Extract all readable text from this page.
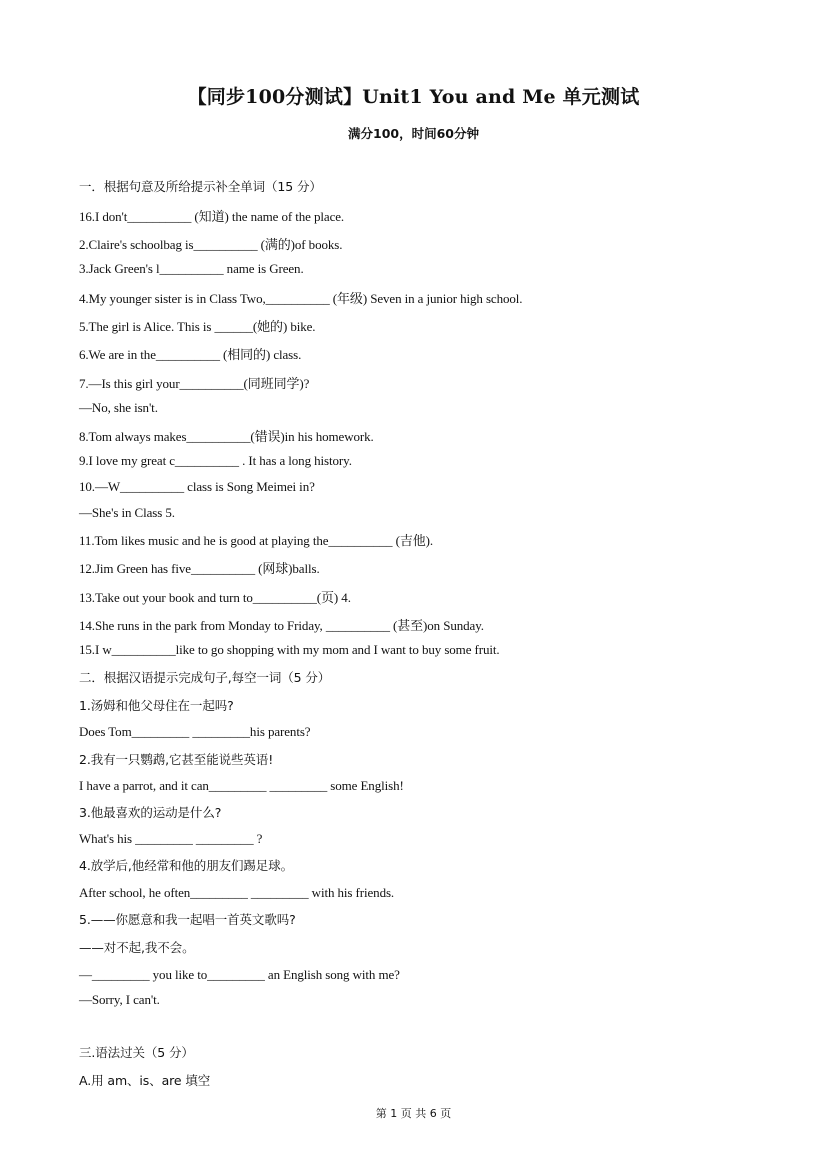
【同步100分测试】Unit1 You and Me 单元测试
满分100，时间60分钟
一．根据句意及所给提示补全单词（15 分）
16.I don't__________ (知道) the name of the place.
2.Claire's schoolbag is__________ (满的)of books.
3.Jack Green's l__________ name is Green.
4.My younger sister is in Class Two,__________ (年级) Seven in a junior high school.
5.The girl is Alice. This is ______(她的) bike.
6.We are in the__________ (相同的) class.
7.—Is this girl your__________(同班同学)?
—No, she isn't.
8.Tom always makes__________(错误)in his homework.
9.I love my great c__________ . It has a long history.
10.—W__________ class is Song Meimei in?
—She's in Class 5.
11.Tom likes music and he is good at playing the__________ (吉他).
12.Jim Green has five__________ (网球)balls.
13.Take out your book and turn to__________(页) 4.
14.She runs in the park from Monday to Friday, __________ (甚至)on Sunday.
15.I w__________like to go shopping with my mom and I want to buy some fruit.
二．根据汉语提示完成句子,每空一词（5 分）
1.汤姆和他父母住在一起吗?
Does Tom_________ _________his parents?
2.我有一只鹦鹉,它甚至能说些英语!
I have a parrot, and it can_________ _________ some English!
3.他最喜欢的运动是什么?
What's his _________ _________ ?
4.放学后,他经常和他的朋友们踢足球。
After school, he often_________ _________ with his friends.
5.——你愿意和我一起唱一首英文歌吗?
——对不起,我不会。
—_________ you like to_________ an English song with me?
—Sorry, I can't.
三.语法过关（5 分）
A.用 am、is、are 填空
第 1 页 共 6 页
